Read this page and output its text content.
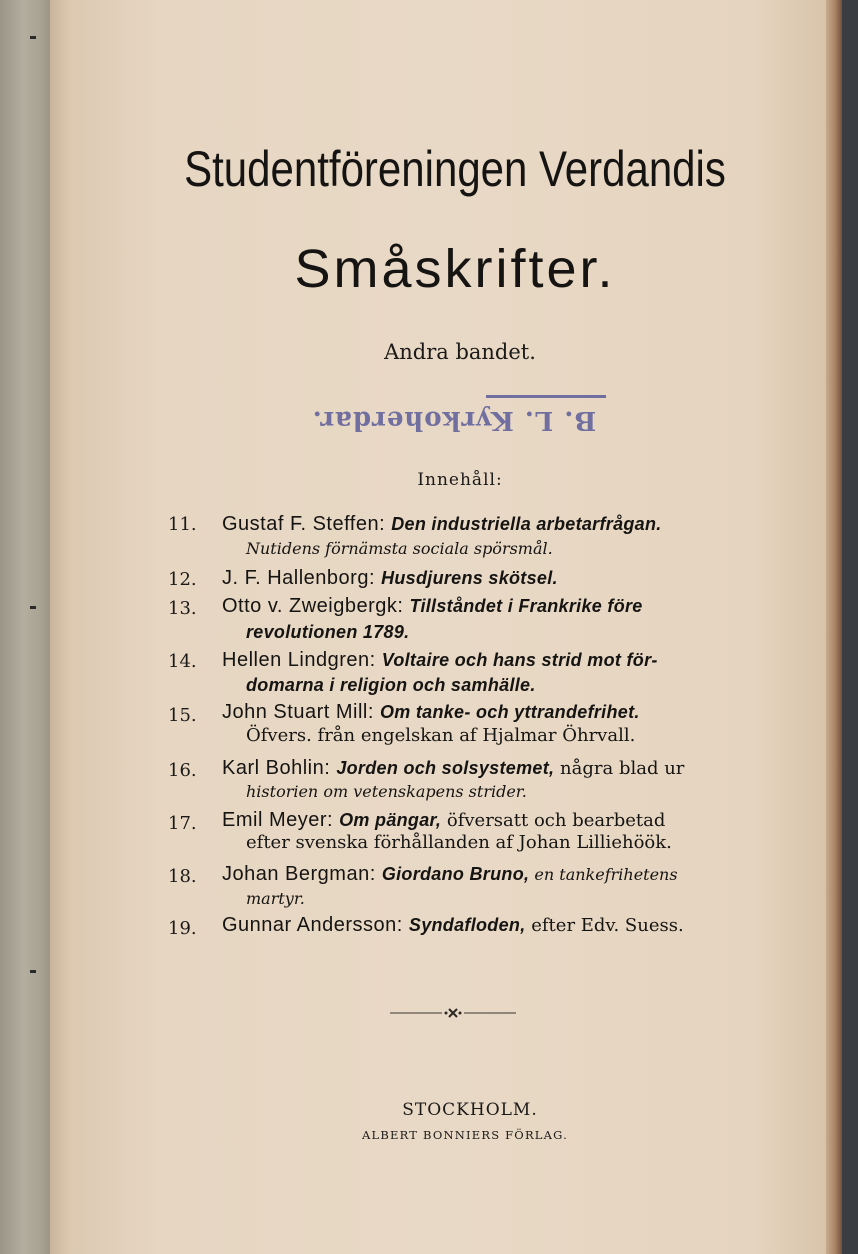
Studentföreningen Verdandis
Småskrifter.
Andra bandet.
B. L. Kyrkoherdar.
Innehåll:
11.	Gustaf F. Steffen: Den industriella arbetarfrågan.
Nutidens förnämsta sociala spörsmål.
12.	J. F. Hallenborg: Husdjurens skötsel.
13.	Otto v. Zweigbergk: Tillståndet i Frankrike före
revolutionen 1789.
14.	Hellen Lindgren: Voltaire och hans strid mot för-
domarna i religion och samhälle.
15.	John Stuart Mill: Om tanke- och yttrandefrihet.
Öfvers. från engelskan af Hjalmar Öhrvall.
16.	Karl Bohlin: Jorden och solsystemet, några blad ur
historien om vetenskapens strider.
17.	Emil Meyer: Om pängar, öfversatt och bearbetad
efter svenska förhållanden af Johan Lilliehöök.
18.	Johan Bergman: Giordano Bruno, en tankefrihetens
martyr.
19.	Gunnar Andersson: Syndafloden, efter Edv. Suess.
STOCKHOLM.
ALBERT BONNIERS FÖRLAG.
